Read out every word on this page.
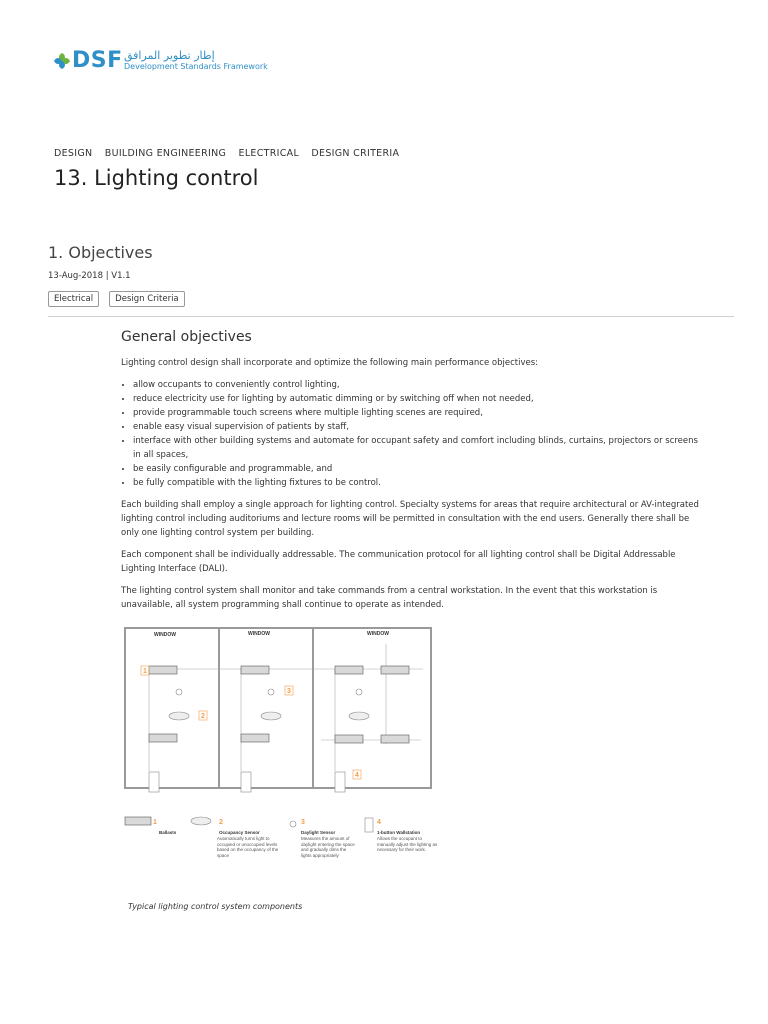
DSF إطار تطوير المرافق
Development Standards Framework
DESIGN BUILDING ENGINEERING ELECTRICAL DESIGN CRITERIA
13. Lighting control
1. Objectives
13-Aug-2018 | V1.1
Electrical	Design Criteria
General objectives

Lighting control design shall incorporate and optimize the following main performance objectives:

• allow occupants to conveniently control lighting,
• reduce electricity use for lighting by automatic dimming or by switching off when not needed,
• provide programmable touch screens where multiple lighting scenes are required,
• enable easy visual supervision of patients by staff,
• interface with other building systems and automate for occupant safety and comfort including blinds, curtains, projectors or screens in all spaces,
• be easily configurable and programmable, and
• be fully compatible with the lighting fixtures to be control.

Each building shall employ a single approach for lighting control. Specialty systems for areas that require architectural or AV-integrated lighting control including auditoriums and lecture rooms will be permitted in consultation with the end users. Generally there shall be only one lighting control system per building.

Each component shall be individually addressable. The communication protocol for all lighting control shall be Digital Addressable Lighting Interface (DALI).

The lighting control system shall monitor and take commands from a central workstation. In the event that this workstation is unavailable, all system programming shall continue to operate as intended.

WINDOW	WINDOW	WINDOW
1
2
3
4
1
Ballasts
2
Occupancy Sensor
Automatically turns light to occupied or unoccupied levels based on the occupancy of the space
3
Daylight Sensor
Measures the amount of daylight entering the space and gradually dims the lights appropriately
4
1-button Wallstation
Allows the occupant to manually adjust the lighting as necessary for their work.
Typical lighting control system components
